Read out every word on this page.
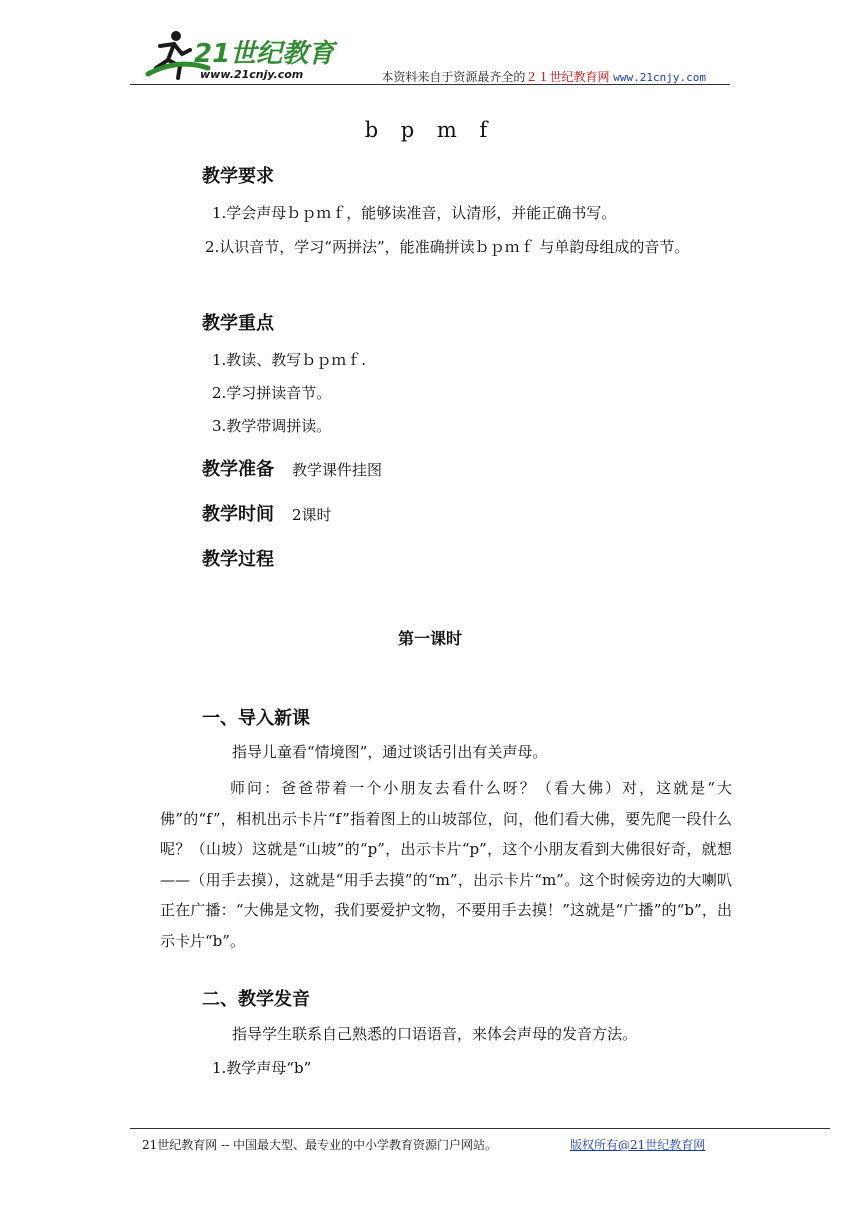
21世纪教育
www.21cnjy.com	本资料来自于资源最齐全的２１世纪教育网 www.21cnjy.com
b p m f
教学要求
1.学会声母ｂｐｍｆ，能够读准音，认清形，并能正确书写。
2.认识音节，学习“两拼法”，能准确拼读ｂｐｍｆ 与单韵母组成的音节。
教学重点
1.教读、教写ｂｐｍｆ.
2.学习拼读音节。
3.教学带调拼读。
教学准备 教学课件挂图
教学时间 2课时
教学过程
第一课时
一、导入新课
指导儿童看“情境图”，通过谈话引出有关声母。
师问：爸爸带着一个小朋友去看什么呀？（看大佛）对，这就是“大佛”的“f”，相机出示卡片“f”指着图上的山坡部位，问，他们看大佛，要先爬一段什么呢？（山坡）这就是“山坡”的“p”，出示卡片“p”，这个小朋友看到大佛很好奇，就想——（用手去摸），这就是“用手去摸”的“m”，出示卡片“m”。这个时候旁边的大喇叭正在广播：“大佛是文物，我们要爱护文物，不要用手去摸！”这就是“广播”的“b”，出示卡片“b”。
二、教学发音
指导学生联系自己熟悉的口语语音，来体会声母的发音方法。
1.教学声母“b”
21世纪教育网 -- 中国最大型、最专业的中小学教育资源门户网站。	版权所有@21世纪教育网
